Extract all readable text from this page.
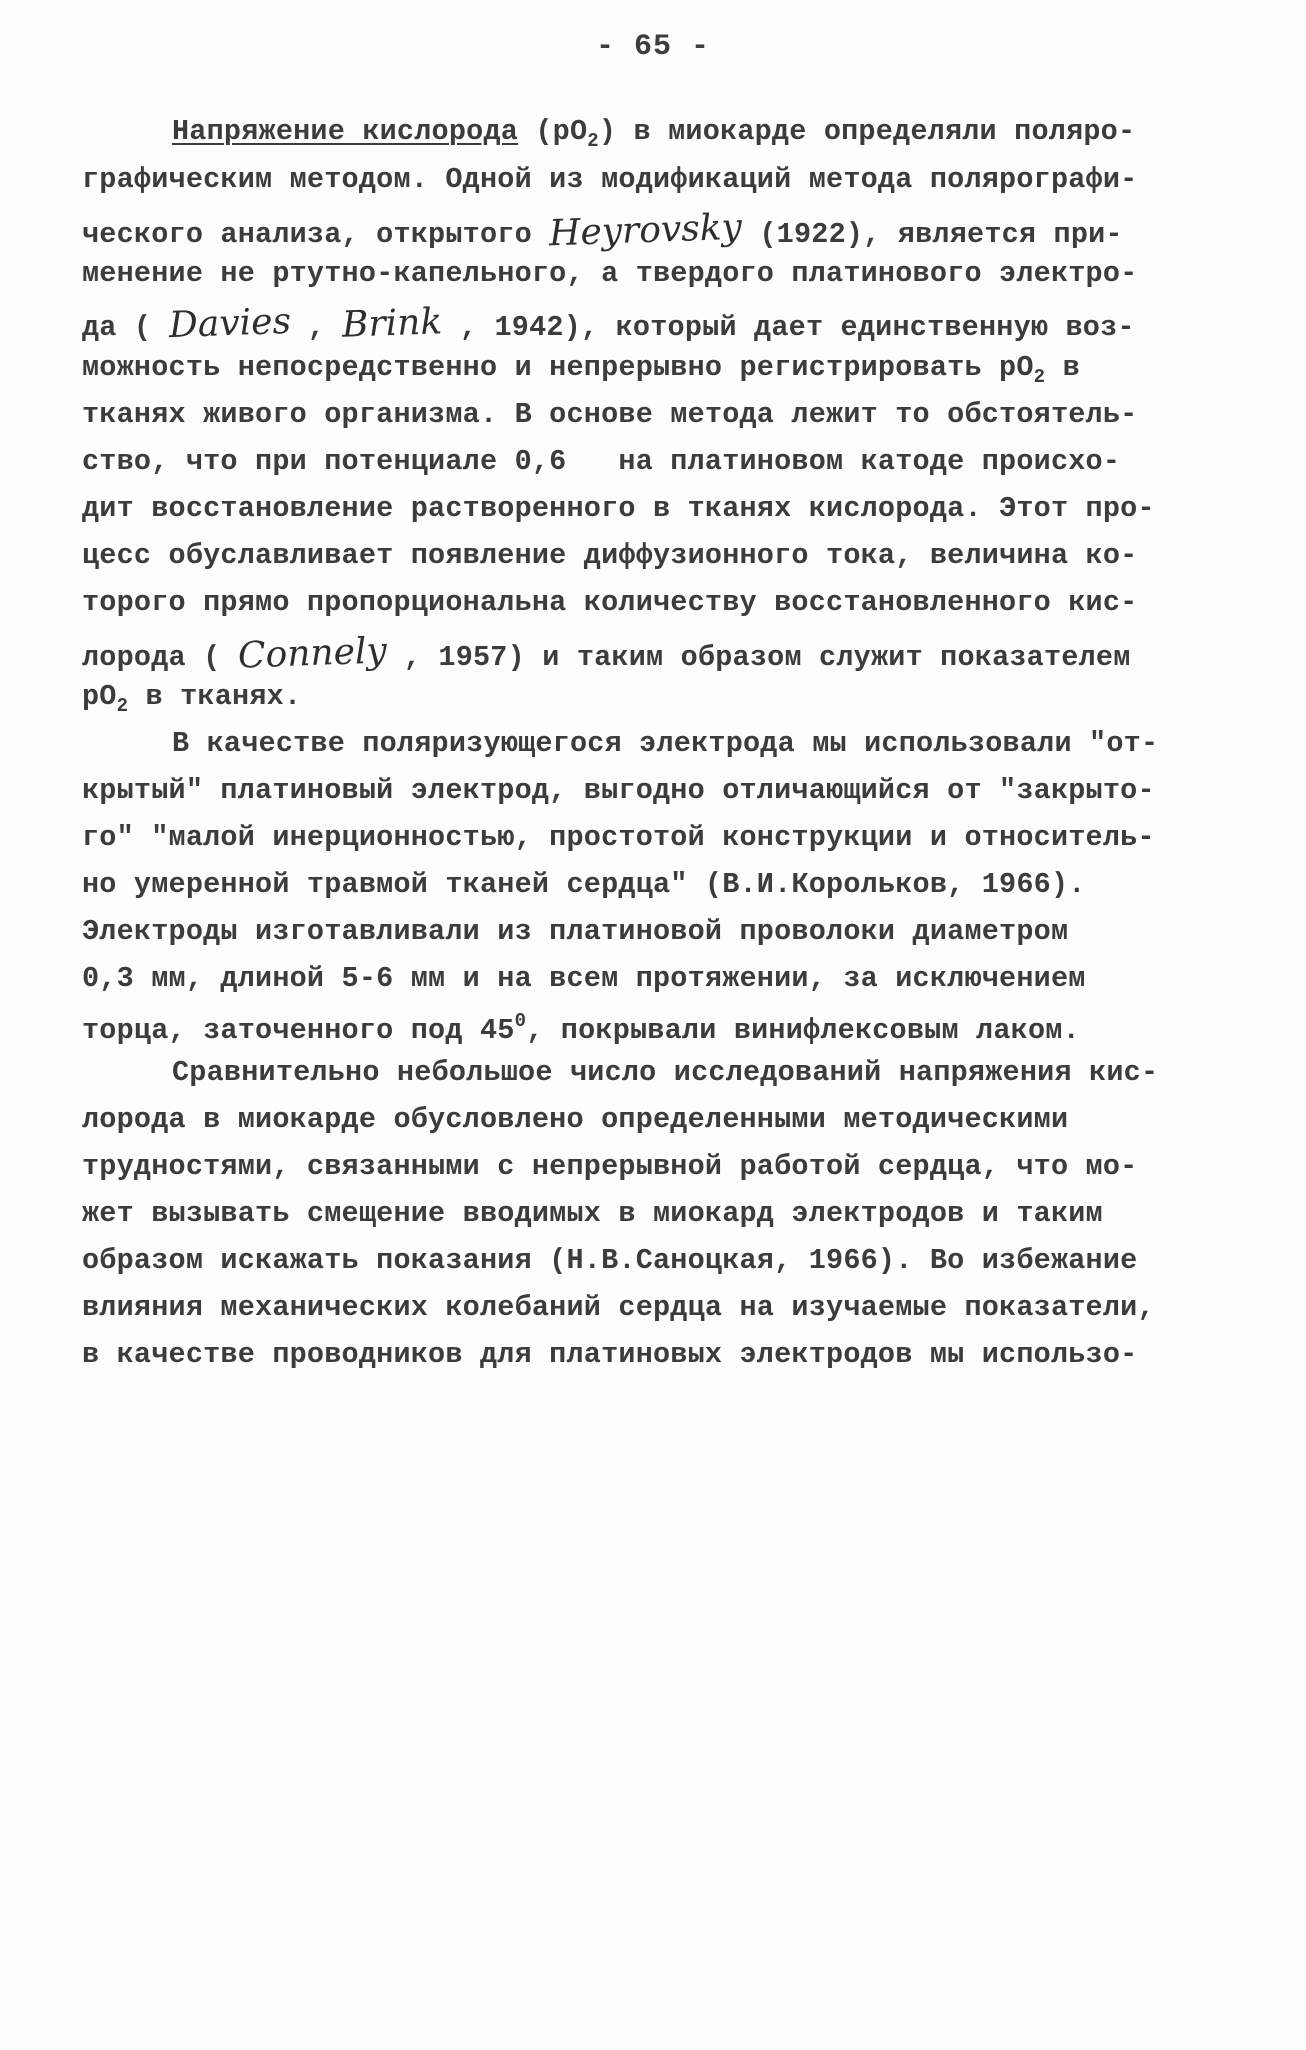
- 65 -
Напряжение кислорода $(pO_2)$ в миокарде определяли поляро-
графическим методом. Одной из модификаций метода полярографи-
ческого анализа, открытого Heyrovsky (1922), является при-
менение не ртутно-капельного, а твердого платинового электро-
да ( Davies , Brink , 1942), который дает единственную воз-
можность непосредственно и непрерывно регистрировать $pO_2$ в
тканях живого организма. В основе метода лежит то обстоятель-
ство, что при потенциале 0,6   на платиновом катоде происхо-
дит восстановление растворенного в тканях кислорода. Этот про-
цесс обуславливает появление диффузионного тока, величина ко-
торого прямо пропорциональна количеству восстановленного кис-
лорода ( Connely , 1957) и таким образом служит показателем
$pO_2$ в тканях.
В качестве поляризующегося электрода мы использовали "от-
крытый" платиновый электрод, выгодно отличающийся от "закрыто-
го" "малой инерционностью, простотой конструкции и относитель-
но умеренной травмой тканей сердца" (В.И.Корольков, 1966).
Электроды изготавливали из платиновой проволоки диаметром
0,3 мм, длиной 5-6 мм и на всем протяжении, за исключением
торца, заточенного под $45^0$, покрывали винифлексовым лаком.
Сравнительно небольшое число исследований напряжения кис-
лорода в миокарде обусловлено определенными методическими
трудностями, связанными с непрерывной работой сердца, что мо-
жет вызывать смещение вводимых в миокард электродов и таким
образом искажать показания (Н.В.Саноцкая, 1966). Во избежание
влияния механических колебаний сердца на изучаемые показатели,
в качестве проводников для платиновых электродов мы использо-
